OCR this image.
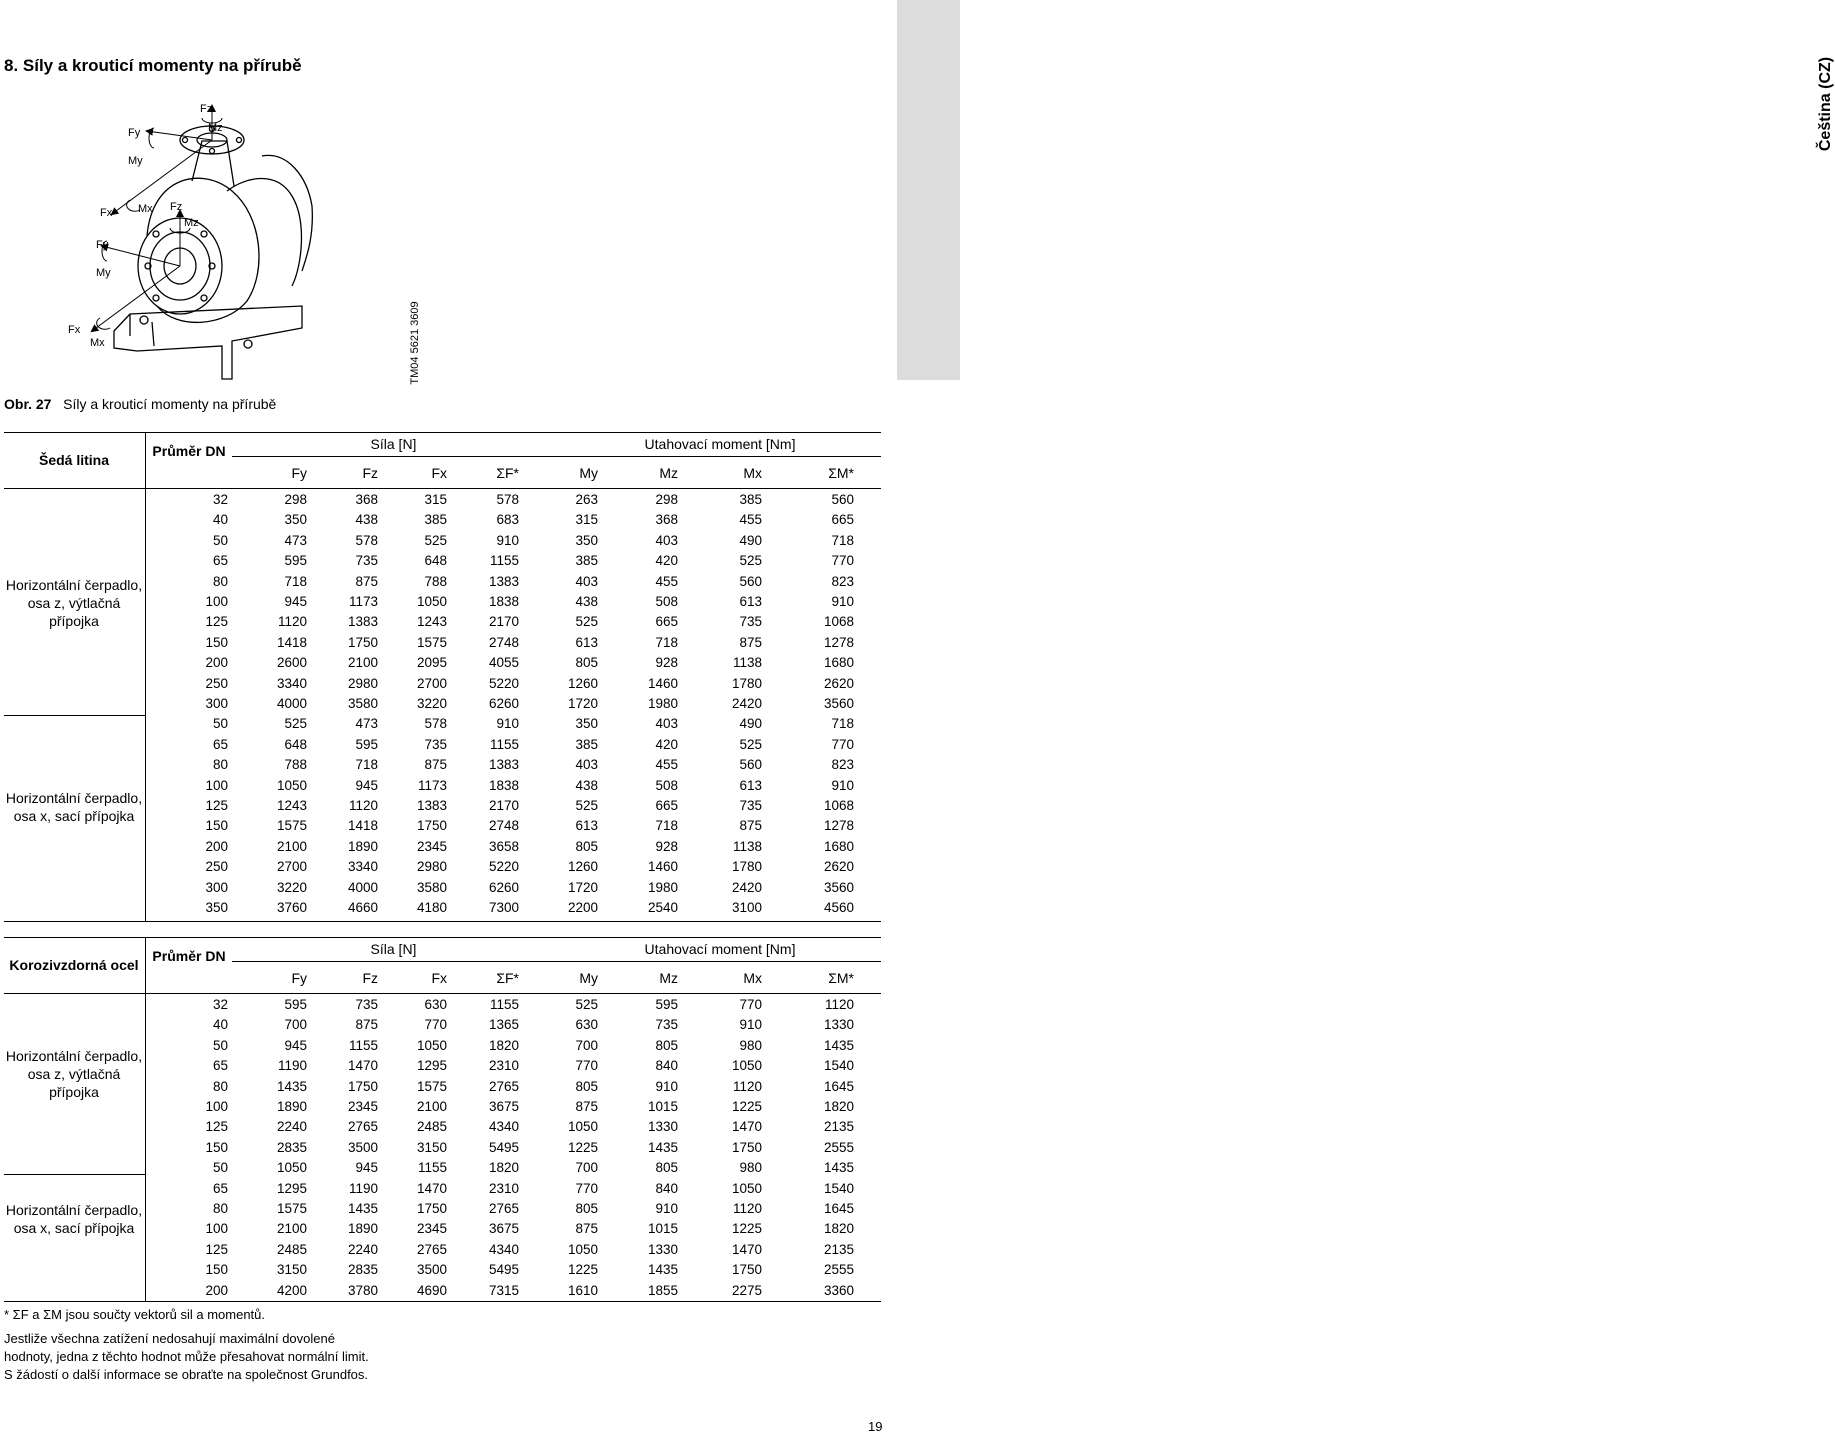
8. Síly a krouticí momenty na přírubě	Čeština (CZ)
Fz
Mz
Fy
My
Fx Mx Fz
Mz
Fy
My
Fx
Mx	TM04 5621 3609
Obr. 27 Síly a krouticí momenty na přírubě
Šedá litina
Průměr DN	Síla [N]	Utahovací moment [Nm]
Horizontální čerpadlo, osa z, výtlačná přípojka
Horizontální čerpadlo, osa x, sací přípojka
Fy	Fz	Fx	ΣF*	My	Mz	Mx	ΣM*
32	298	368	315	578	263	298	385	560
40	350	438	385	683	315	368	455	665
50	473	578	525	910	350	403	490	718
65	595	735	648	1155	385	420	525	770
80	718	875	788	1383	403	455	560	823
100	945	1173	1050	1838	438	508	613	910
125	1120	1383	1243	2170	525	665	735	1068
150	1418	1750	1575	2748	613	718	875	1278
200	2600	2100	2095	4055	805	928	1138	1680
250	3340	2980	2700	5220	1260	1460	1780	2620
300	4000	3580	3220	6260	1720	1980	2420	3560
50	525	473	578	910	350	403	490	718
65	648	595	735	1155	385	420	525	770
80	788	718	875	1383	403	455	560	823
100	1050	945	1173	1838	438	508	613	910
125	1243	1120	1383	2170	525	665	735	1068
150	1575	1418	1750	2748	613	718	875	1278
200	2100	1890	2345	3658	805	928	1138	1680
250	2700	3340	2980	5220	1260	1460	1780	2620
300	3220	4000	3580	6260	1720	1980	2420	3560
350	3760	4660	4180	7300	2200	2540	3100	4560
Korozivzdorná ocel
Průměr DN	Síla [N]	Utahovací moment [Nm]
Horizontální čerpadlo, osa z, výtlačná přípojka
Horizontální čerpadlo, osa x, sací přípojka
Fy	Fz	Fx	ΣF*	My	Mz	Mx	ΣM*
32	595	735	630	1155	525	595	770	1120
40	700	875	770	1365	630	735	910	1330
50	945	1155	1050	1820	700	805	980	1435
65	1190	1470	1295	2310	770	840	1050	1540
80	1435	1750	1575	2765	805	910	1120	1645
100	1890	2345	2100	3675	875	1015	1225	1820
125	2240	2765	2485	4340	1050	1330	1470	2135
150	2835	3500	3150	5495	1225	1435	1750	2555
50	1050	945	1155	1820	700	805	980	1435
65	1295	1190	1470	2310	770	840	1050	1540
80	1575	1435	1750	2765	805	910	1120	1645
100	2100	1890	2345	3675	875	1015	1225	1820
125	2485	2240	2765	4340	1050	1330	1470	2135
150	3150	2835	3500	5495	1225	1435	1750	2555
200	4200	3780	4690	7315	1610	1855	2275	3360
* ΣF a ΣM jsou součty vektorů sil a momentů.
Jestliže všechna zatížení nedosahují maximální dovolené
hodnoty, jedna z těchto hodnot může přesahovat normální limit.
S žádostí o další informace se obraťte na společnost Grundfos.
19
